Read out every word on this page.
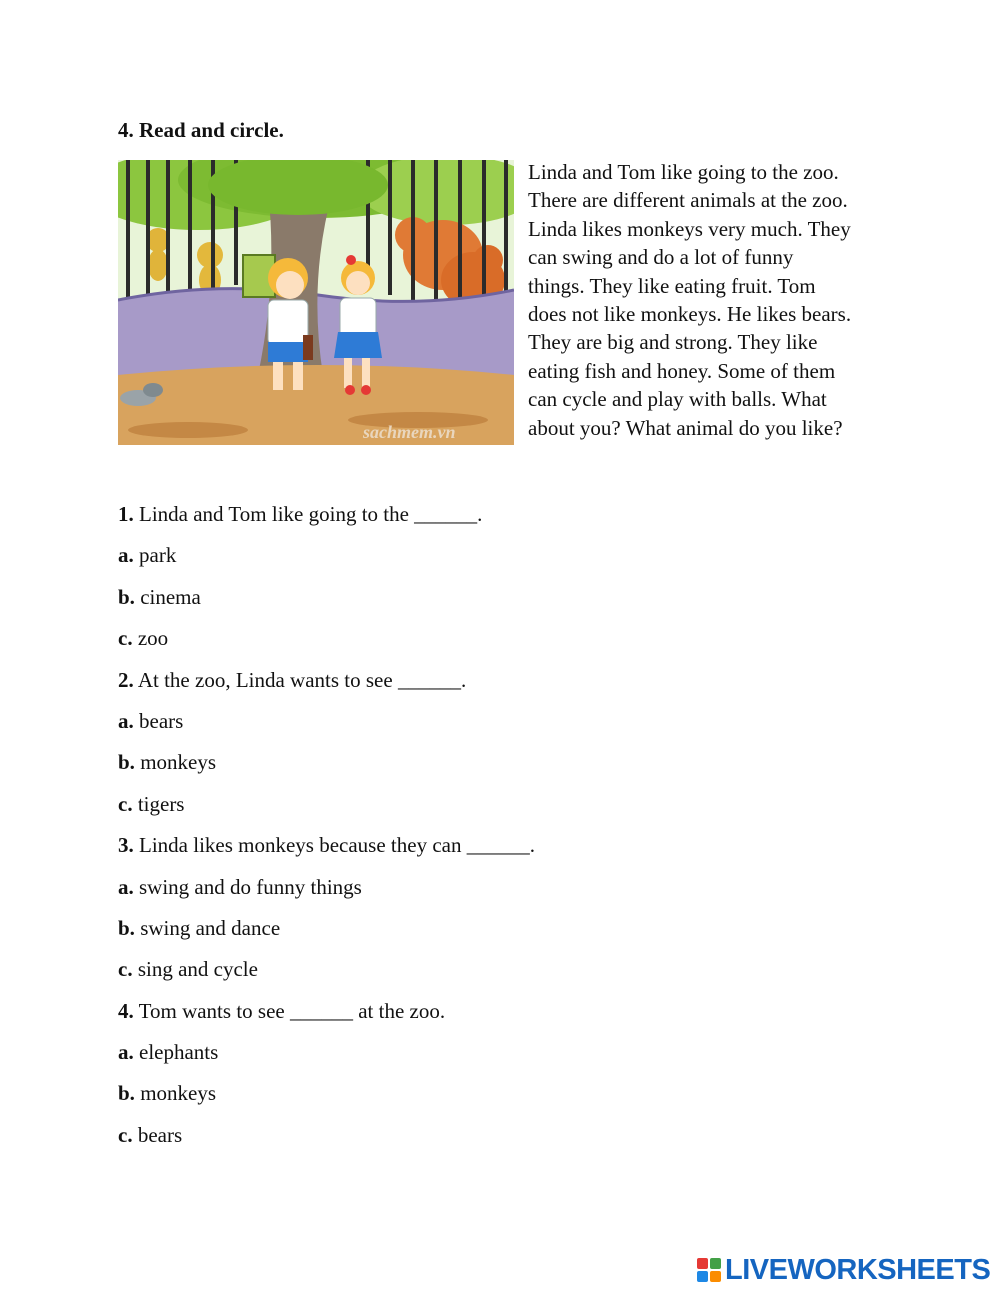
4. Read and circle.
sachmem.vn
Linda and Tom like going to the zoo.
There are different animals at the zoo.
Linda likes monkeys very much. They
can swing and do a lot of funny
things. They like eating fruit. Tom
does not like monkeys. He likes bears.
They are big and strong. They like
eating fish and honey. Some of them
can cycle and play with balls. What
about you? What animal do you like?
1. Linda and Tom like going to the ______.
a. park
b. cinema
c. zoo
2. At the zoo, Linda wants to see ______.
a. bears
b. monkeys
c. tigers
3. Linda likes monkeys because they can ______.
a. swing and do funny things
b. swing and dance
c. sing and cycle
4. Tom wants to see ______ at the zoo.
a. elephants
b. monkeys
c. bears
LIVEWORKSHEETS
